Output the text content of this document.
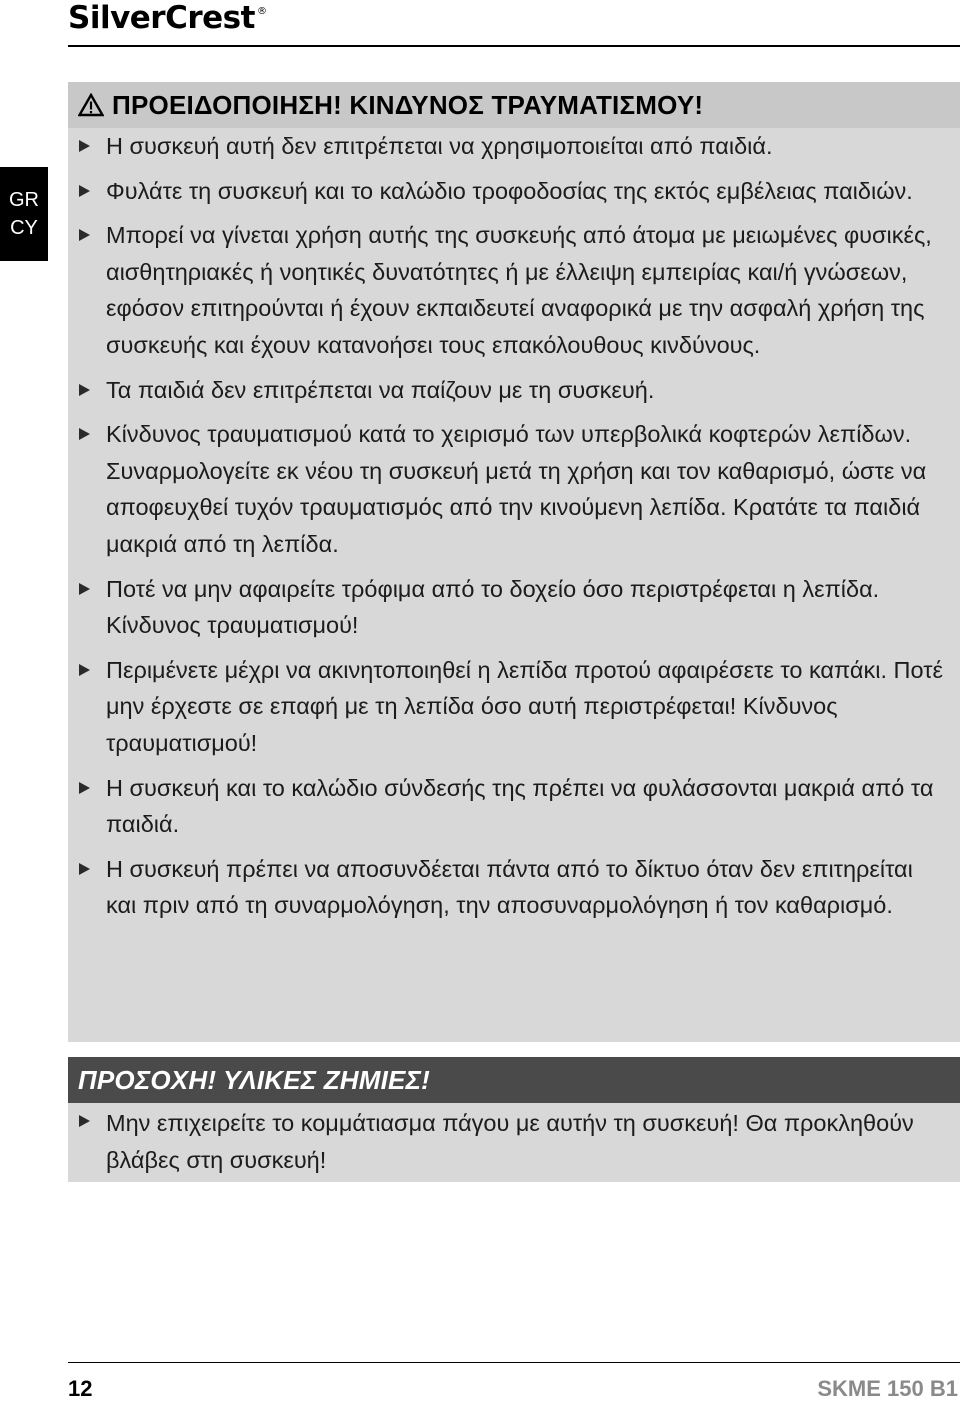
SilverCrest ®
GR
CY
ΠΡΟΕΙΔΟΠΟΙΗΣΗ! ΚΙΝΔΥΝΟΣ ΤΡΑΥΜΑΤΙΣΜΟΥ!
Η συσκευή αυτή δεν επιτρέπεται να χρησιμοποιείται από παιδιά.
Φυλάτε τη συσκευή και το καλώδιο τροφοδοσίας της εκτός εμβέλειας παιδιών.
Μπορεί να γίνεται χρήση αυτής της συσκευής από άτομα με μειωμένες φυσικές, αισθητηριακές ή νοητικές δυνατότητες ή με έλλειψη εμπειρίας και/ή γνώσεων, εφόσον επιτηρούνται ή έχουν εκπαιδευτεί αναφορικά με την ασφαλή χρήση της συσκευής και έχουν κατανοήσει τους επακόλουθους κινδύνους.
Τα παιδιά δεν επιτρέπεται να παίζουν με τη συσκευή.
Κίνδυνος τραυματισμού κατά το χειρισμό των υπερβολικά κοφτερών λεπίδων. Συναρμολογείτε εκ νέου τη συσκευή μετά τη χρήση και τον καθαρισμό, ώστε να αποφευχθεί τυχόν τραυματισμός από την κινούμενη λεπίδα. Κρατάτε τα παιδιά μακριά από τη λεπίδα.
Ποτέ να μην αφαιρείτε τρόφιμα από το δοχείο όσο περιστρέφεται η λεπίδα. Κίνδυνος τραυματισμού!
Περιμένετε μέχρι να ακινητοποιηθεί η λεπίδα προτού αφαιρέσετε το καπάκι. Ποτέ μην έρχεστε σε επαφή με τη λεπίδα όσο αυτή περιστρέφεται! Κίνδυνος τραυματισμού!
Η συσκευή και το καλώδιο σύνδεσής της πρέπει να φυλάσσονται μακριά από τα παιδιά.
Η συσκευή πρέπει να αποσυνδέεται πάντα από το δίκτυο όταν δεν επιτηρείται και πριν από τη συναρμολόγηση, την αποσυναρμολόγηση ή τον καθαρισμό.
ΠΡΟΣΟΧΗ! ΥΛΙΚΕΣ ΖΗΜΙΕΣ!
Μην επιχειρείτε το κομμάτιασμα πάγου με αυτήν τη συσκευή! Θα προκληθούν βλάβες στη συσκευή!
12	SKME 150 B1
